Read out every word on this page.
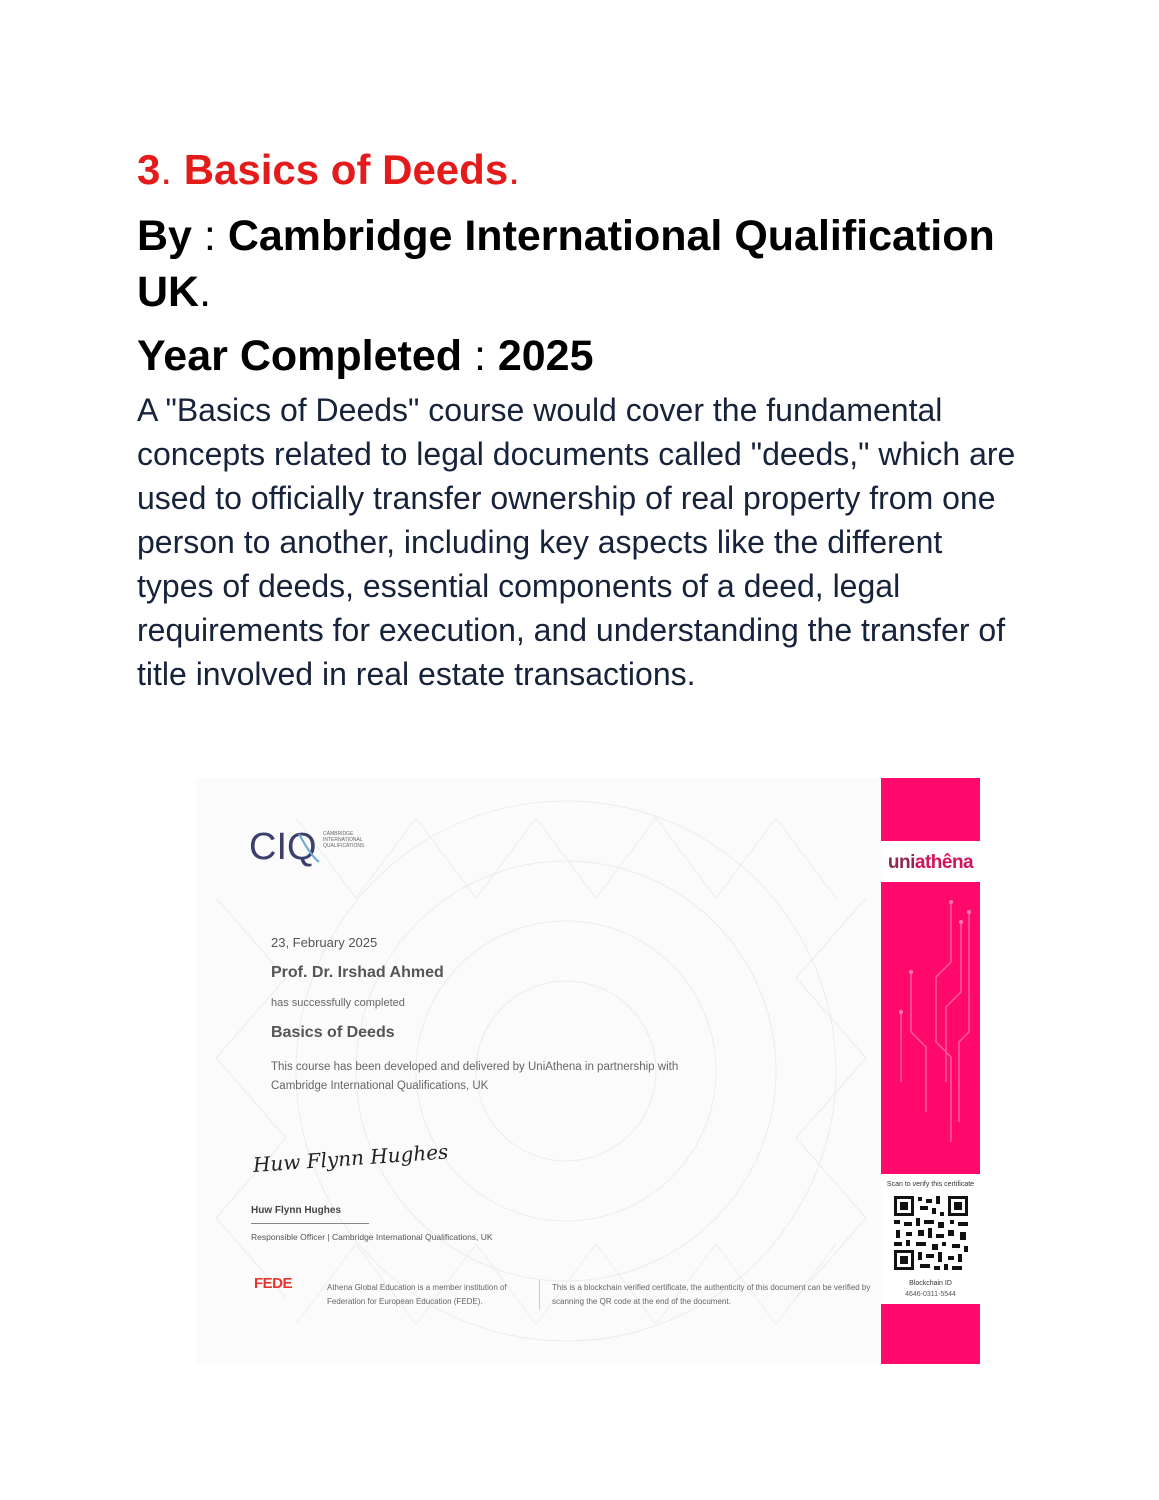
3. Basics of Deeds.
By : Cambridge International Qualification
UK.
Year Completed : 2025

A "Basics of Deeds" course would cover the fundamental concepts related to legal documents called "deeds," which are used to officially transfer ownership of real property from one person to another, including key aspects like the different types of deeds, essential components of a deed, legal requirements for execution, and understanding the transfer of title involved in real estate transactions.

CIQ CAMBRIDGE INTERNATIONAL QUALIFICATIONS
23, February 2025
Prof. Dr. Irshad Ahmed
has successfully completed
Basics of Deeds
This course has been developed and delivered by UniAthena in partnership with Cambridge International Qualifications, UK
Huw Flynn Hughes
Huw Flynn Hughes
Responsible Officer | Cambridge International Qualifications, UK
FEDE	Athena Global Education is a member institution of Federation for European Education (FEDE).
This is a blockchain verified certificate, the authenticity of this document can be verified by scanning the QR code at the end of the document.
uniathêna
Scan to verify this certificate
Blockchain ID
4646-0311-5544
